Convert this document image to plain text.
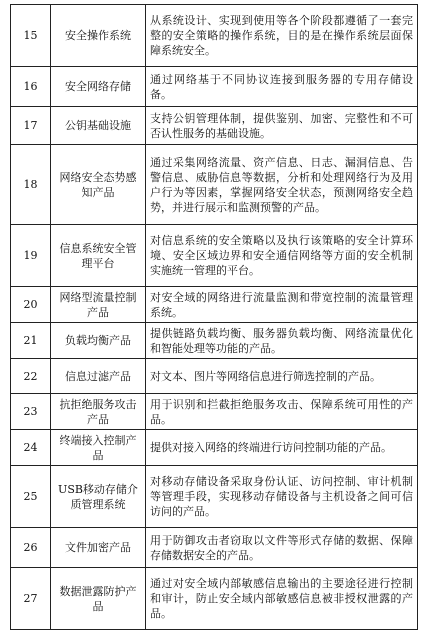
15	安全操作系统	从系统设计、实现到使用等各个阶段都遵循了一套完整的安全策略的操作系统，目的是在操作系统层面保障系统安全。
16	安全网络存储	通过网络基于不同协议连接到服务器的专用存储设备。
17	公钥基础设施	支持公钥管理体制，提供鉴别、加密、完整性和不可否认性服务的基础设施。
18	网络安全态势感知产品	通过采集网络流量、资产信息、日志、漏洞信息、告警信息、威胁信息等数据，分析和处理网络行为及用户行为等因素，掌握网络安全状态，预测网络安全趋势，并进行展示和监测预警的产品。
19	信息系统安全管理平台	对信息系统的安全策略以及执行该策略的安全计算环境、安全区域边界和安全通信网络等方面的安全机制实施统一管理的平台。
20	网络型流量控制产品	对安全域的网络进行流量监测和带宽控制的流量管理系统。
21	负载均衡产品	提供链路负载均衡、服务器负载均衡、网络流量优化和智能处理等功能的产品。
22	信息过滤产品	对文本、图片等网络信息进行筛选控制的产品。
23	抗拒绝服务攻击产品	用于识别和拦截拒绝服务攻击、保障系统可用性的产品。
24	终端接入控制产品	提供对接入网络的终端进行访问控制功能的产品。
25	USB移动存储介质管理系统	对移动存储设备采取身份认证、访问控制、审计机制等管理手段，实现移动存储设备与主机设备之间可信访问的产品。
26	文件加密产品	用于防御攻击者窃取以文件等形式存储的数据、保障存储数据安全的产品。
27	数据泄露防护产品	通过对安全域内部敏感信息输出的主要途径进行控制和审计，防止安全域内部敏感信息被非授权泄露的产品。
